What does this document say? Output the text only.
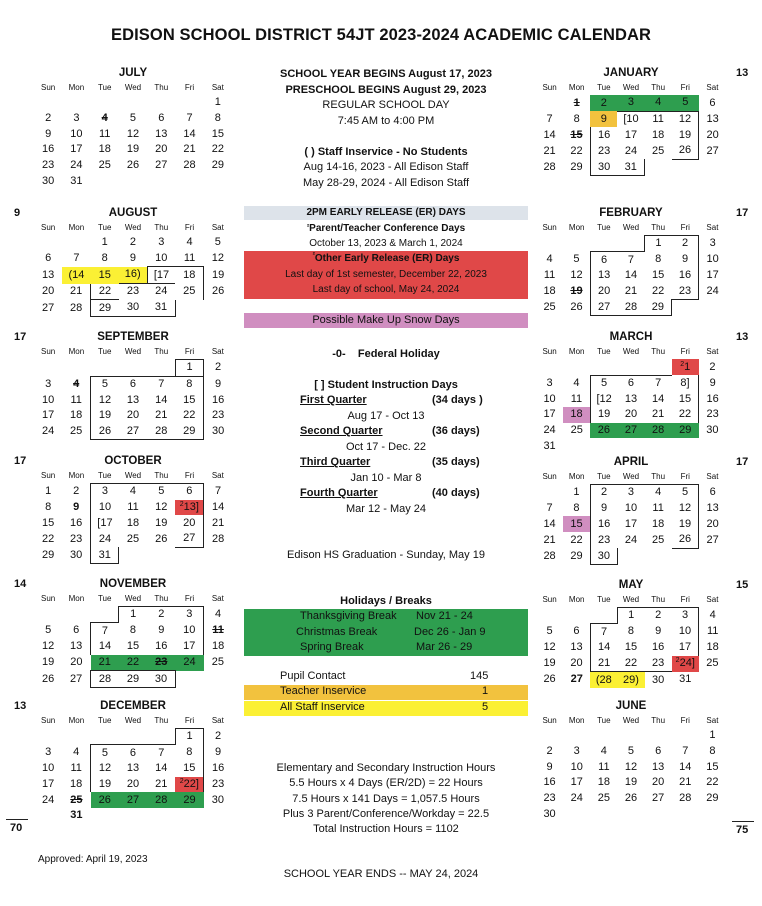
EDISON SCHOOL DISTRICT 54JT 2023-2024 ACADEMIC CALENDAR
JULY
Sun	Mon	Tue	Wed	Thu	Fri	Sat
						1
2	3	4	5	6	7	8
9	10	11	12	13	14	15
16	17	18	19	20	21	22
23	24	25	26	27	28	29
30	31					
9	AUGUST
Sun	Mon	Tue	Wed	Thu	Fri	Sat
		1	2	3	4	5
6	7	8	9	10	11	12
13	(14	15	16)	[17	18	19
20	21	22	23	24	25	26
27	28	29	30	31		
17	SEPTEMBER
Sun	Mon	Tue	Wed	Thu	Fri	Sat
					1	2
3	4	5	6	7	8	9
10	11	12	13	14	15	16
17	18	19	20	21	22	23
24	25	26	27	28	29	30
17	OCTOBER
Sun	Mon	Tue	Wed	Thu	Fri	Sat
1	2	3	4	5	6	7
8	9	10	11	12	$^2$13]	14
15	16	[17	18	19	20	21
22	23	24	25	26	27	28
29	30	31				
14	NOVEMBER
Sun	Mon	Tue	Wed	Thu	Fri	Sat
			1	2	3	4
5	6	7	8	9	10	11
12	13	14	15	16	17	18
19	20	21	22	23	24	25
26	27	28	29	30		
13	DECEMBER
Sun	Mon	Tue	Wed	Thu	Fri	Sat
					1	2
3	4	5	6	7	8	9
10	11	12	13	14	15	16
17	18	19	20	21	$^2$22]	23
24	25	26	27	28	29	30
	31					
70
13
JANUARY
Sun	Mon	Tue	Wed	Thu	Fri	Sat
	1	2	3	4	5	6
7	8	9	[10	11	12	13
14	15	16	17	18	19	20
21	22	23	24	25	26	27
28	29	30	31			
17
FEBRUARY
Sun	Mon	Tue	Wed	Thu	Fri	Sat
				1	2	3
4	5	6	7	8	9	10
11	12	13	14	15	16	17
18	19	20	21	22	23	24
25	26	27	28	29		
13
MARCH
Sun	Mon	Tue	Wed	Thu	Fri	Sat
					$^2$1	2
3	4	5	6	7	8]	9
10	11	[12	13	14	15	16
17	18	19	20	21	22	23
24	25	26	27	28	29	30
31						
17
APRIL
Sun	Mon	Tue	Wed	Thu	Fri	Sat
	1	2	3	4	5	6
7	8	9	10	11	12	13
14	15	16	17	18	19	20
21	22	23	24	25	26	27
28	29	30				
15
MAY
Sun	Mon	Tue	Wed	Thu	Fri	Sat
			1	2	3	4
5	6	7	8	9	10	11
12	13	14	15	16	17	18
19	20	21	22	23	$^2$24]	25
26	27	(28	29)	30	31	
JUNE
Sun	Mon	Tue	Wed	Thu	Fri	Sat
						1
2	3	4	5	6	7	8
9	10	11	12	13	14	15
16	17	18	19	20	21	22
23	24	25	26	27	28	29
30						
75
SCHOOL YEAR BEGINS August 17, 2023
PRESCHOOL BEGINS August 29, 2023
REGULAR SCHOOL DAY
7:45 AM to 4:00 PM
( ) Staff Inservice - No Students
Aug 14-16, 2023 - All Edison Staff
May 28-29, 2024 - All Edison Staff
2PM EARLY RELEASE (ER) DAYS
$^{^2}$Parent/Teacher Conference Days
October 13, 2023 & March 1, 2024
$^{^2}$Other Early Release (ER) Days
Last day of 1st semester, December 22, 2023
Last day of school, May 24, 2024
Possible Make Up Snow Days
-0- Federal Holiday
[ ] Student Instruction Days
First Quarter	(34 days )
Aug 17 - Oct 13
Second Quarter	(36 days)
Oct 17 - Dec. 22
Third Quarter	(35 days)
Jan 10 - Mar 8
Fourth Quarter	(40 days)
Mar 12 - May 24
Edison HS Graduation - Sunday, May 19
Holidays / Breaks
Thanksgiving Break Nov 21 - 24
Christmas Break	Dec 26 - Jan 9
Spring Break	Mar 26 - 29
Pupil Contact	145
Teacher Inservice	1
All Staff Inservice	5
Elementary and Secondary Instruction Hours
5.5 Hours x 4 Days (ER/2D) = 22 Hours
7.5 Hours x 141 Days = 1,057.5 Hours
Plus 3 Parent/Conference/Workday = 22.5
Total Instruction Hours = 1102
Approved: April 19, 2023
SCHOOL YEAR ENDS -- MAY 24, 2024
